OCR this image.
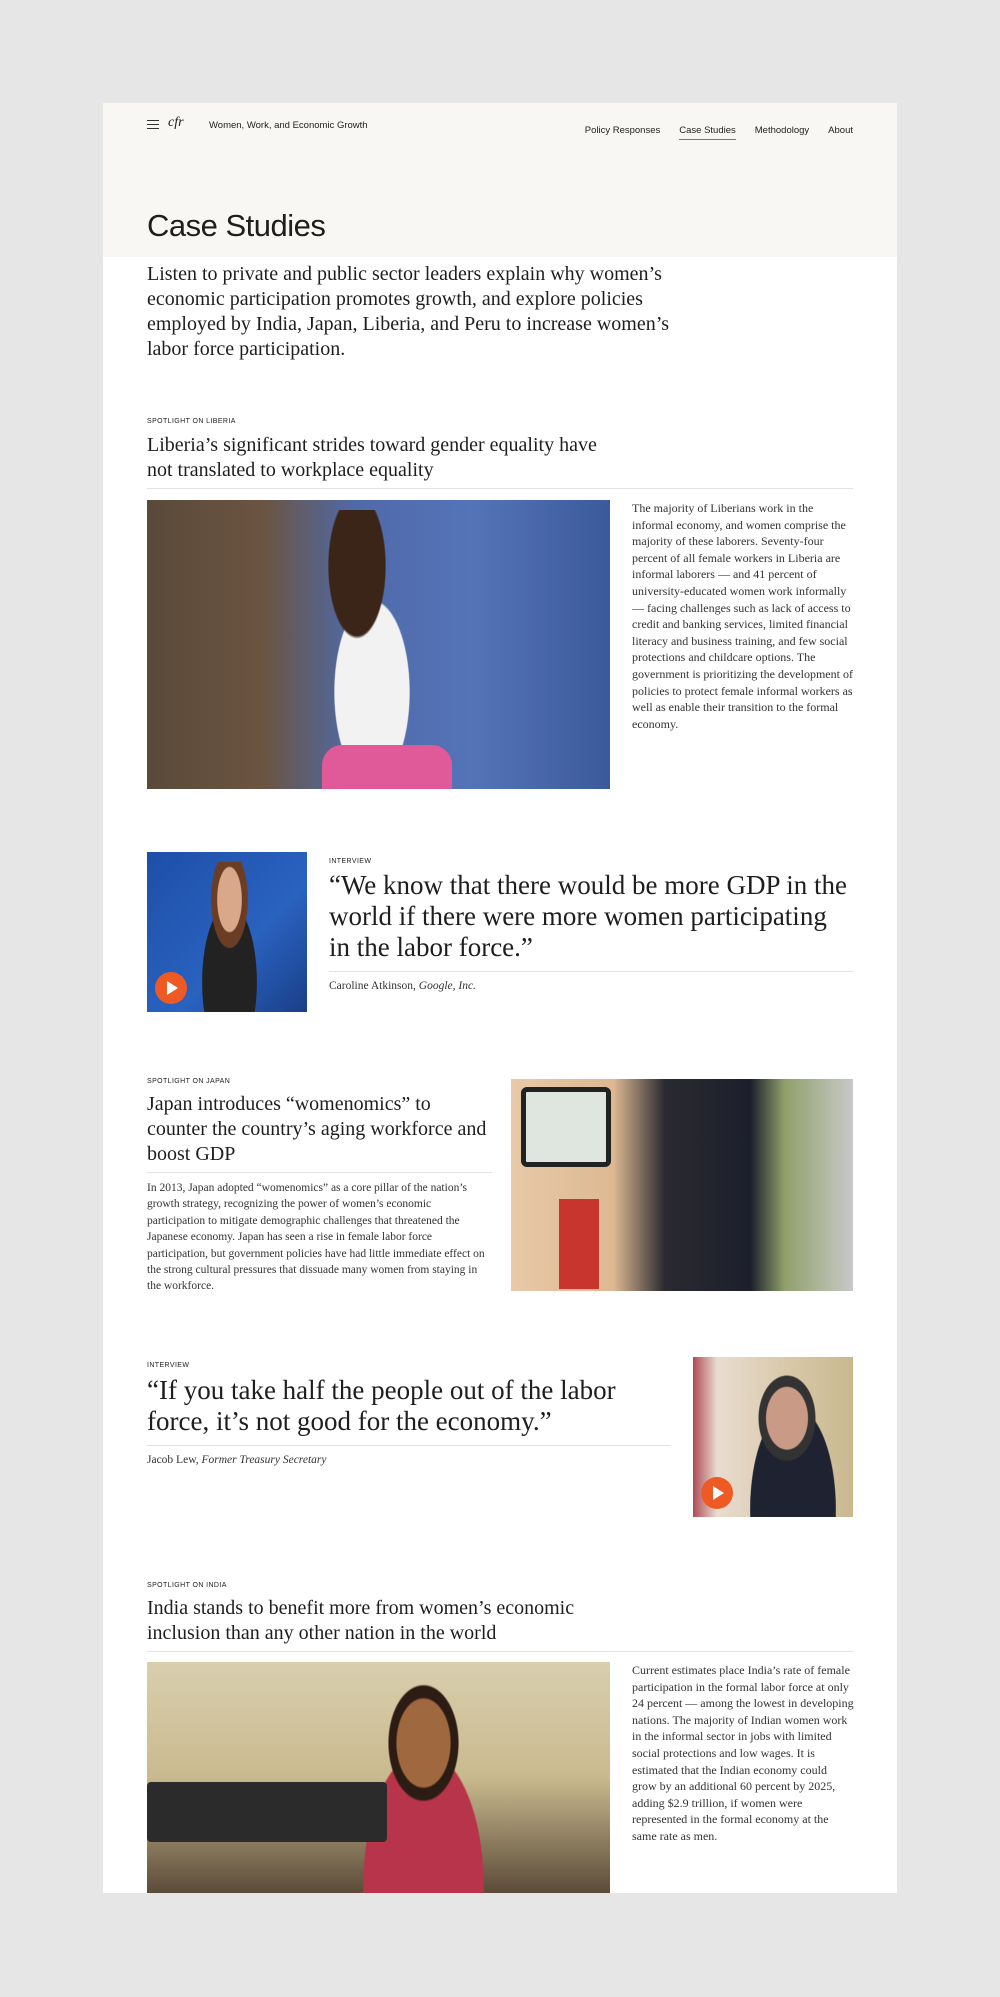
cfr	Women, Work, and Economic Growth	Policy Responses Case Studies Methodology About
Case Studies
Listen to private and public sector leaders explain why women’s economic participation promotes growth, and explore policies employed by India, Japan, Liberia, and Peru to increase women’s labor force participation.
SPOTLIGHT ON LIBERIA
Liberia’s significant strides toward gender equality have not translated to workplace equality
The majority of Liberians work in the informal economy, and women comprise the majority of these laborers. Seventy-four percent of all female workers in Liberia are informal laborers — and 41 percent of university-educated women work informally — facing challenges such as lack of access to credit and banking services, limited financial literacy and business training, and few social protections and childcare options. The government is prioritizing the development of policies to protect female informal workers as well as enable their transition to the formal economy.
INTERVIEW
“We know that there would be more GDP in the world if there were more women participating in the labor force.”
Caroline Atkinson, Google, Inc.
SPOTLIGHT ON JAPAN
Japan introduces “womenomics” to counter the country’s aging workforce and boost GDP
In 2013, Japan adopted “womenomics” as a core pillar of the nation’s growth strategy, recognizing the power of women’s economic participation to mitigate demographic challenges that threatened the Japanese economy. Japan has seen a rise in female labor force participation, but government policies have had little immediate effect on the strong cultural pressures that dissuade many women from staying in the workforce.
INTERVIEW
“If you take half the people out of the labor force, it’s not good for the economy.”
Jacob Lew, Former Treasury Secretary
SPOTLIGHT ON INDIA
India stands to benefit more from women’s economic inclusion than any other nation in the world
Current estimates place India’s rate of female participation in the formal labor force at only 24 percent — among the lowest in developing nations. The majority of Indian women work in the informal sector in jobs with limited social protections and low wages. It is estimated that the Indian economy could grow by an additional 60 percent by 2025, adding $2.9 trillion, if women were represented in the formal economy at the same rate as men.
